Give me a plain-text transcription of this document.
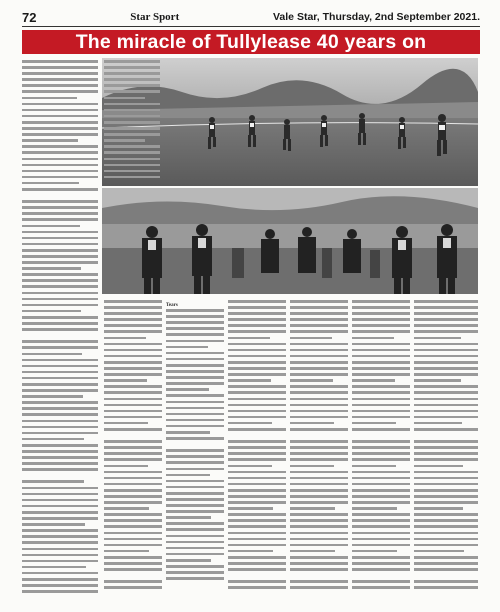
72	Star Sport	Vale Star, Thursday, 2nd September 2021.
The miracle of Tullylease 40 years on
Tears
